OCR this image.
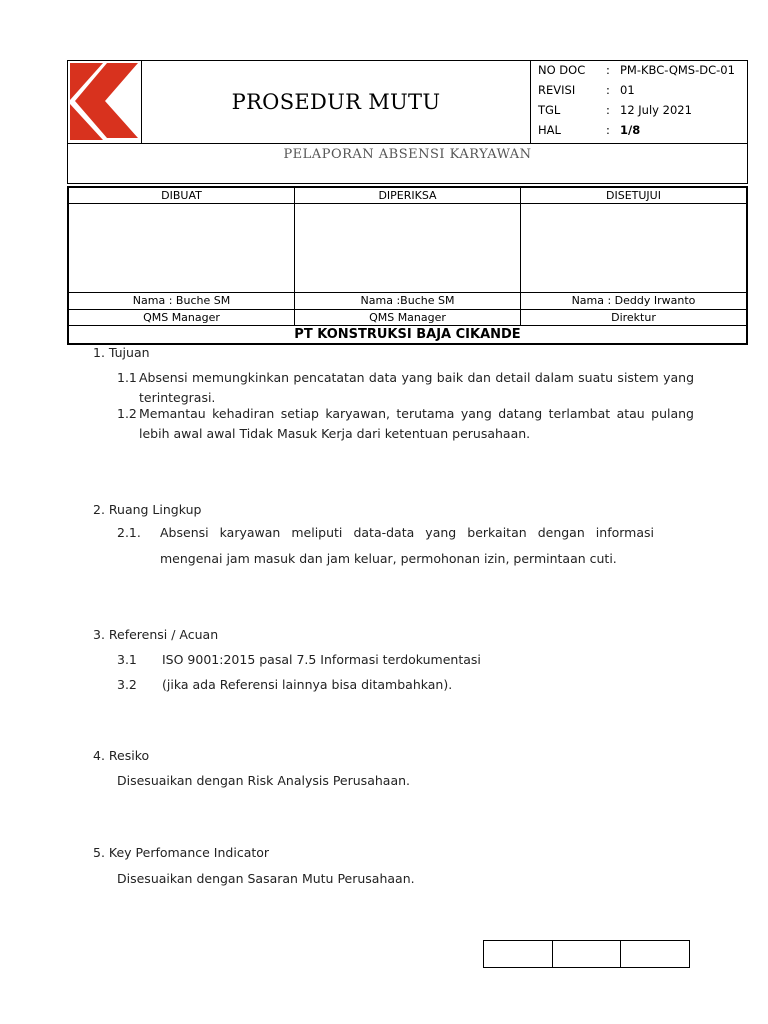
PROSEDUR MUTU
NO DOC	: PM-KBC-QMS-DC-01
REVISI	: 01
TGL	: 12 July 2021
HAL	: 1/8
PELAPORAN ABSENSI KARYAWAN
DIBUAT	DIPERIKSA	DISETUJUI

Nama : Buche SM	Nama :Buche SM	Nama : Deddy Irwanto
QMS Manager	QMS Manager	Direktur
PT KONSTRUKSI BAJA CIKANDE		
1. Tujuan
1.1 Absensi memungkinkan pencatatan data yang baik dan detail dalam suatu sistem yang
terintegrasi.
1.2 Memantau kehadiran setiap karyawan, terutama yang datang terlambat atau pulang
lebih awal awal Tidak Masuk Kerja dari ketentuan perusahaan.
2. Ruang Lingkup
2.1. Absensi karyawan meliputi data-data yang berkaitan dengan informasi
mengenai jam masuk dan jam keluar, permohonan izin, permintaan cuti.
3. Referensi / Acuan
3.1 ISO 9001:2015 pasal 7.5 Informasi terdokumentasi
3.2 (jika ada Referensi lainnya bisa ditambahkan).
4. Resiko
Disesuaikan dengan Risk Analysis Perusahaan.
5. Key Perfomance Indicator
Disesuaikan dengan Sasaran Mutu Perusahaan.
